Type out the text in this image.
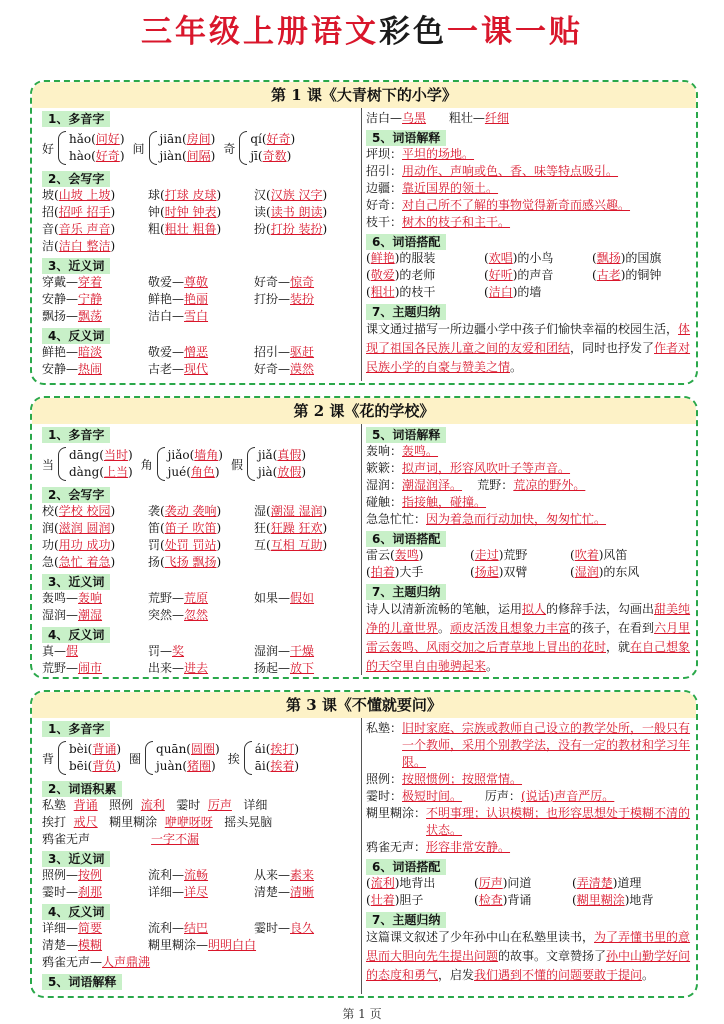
三年级上册语文彩色一课一贴
第 1 课《大青树下的小学》
1、多音字
好
hǎo(问好)
hào(好奇)
间
jiān(房间)
jiàn(间隔)
奇
qí(好奇)
jī(奇数)
2、会写字
坡(山坡 上坡)	球(打球 皮球)	汉(汉族 汉字)
招(招呼 招手)	钟(时钟 钟表)	读(读书 朗读)
音(音乐 声音)	粗(粗壮 粗鲁)	扮(打扮 装扮)
洁(洁白 整洁)
3、近义词
穿戴—穿着	敬爱—尊敬	好奇—惊奇
安静—宁静	鲜艳—艳丽	打扮—装扮
飘扬—飘荡	洁白—雪白
4、反义词
鲜艳—暗淡	敬爱—憎恶	招引—驱赶
安静—热闹	古老—现代	好奇—漠然
洁白—乌黑 粗壮—纤细
5、词语解释
坪坝：平坦的场地。
招引：用动作、声响或色、香、味等特点吸引。
边疆：靠近国界的领土。
好奇：对自己所不了解的事物觉得新奇而感兴趣。
枝干：树木的枝子和主干。
6、词语搭配
(鲜艳)的服装	(欢唱)的小鸟	(飘扬)的国旗
(敬爱)的老师	(好听)的声音	(古老)的铜钟
(粗壮)的枝干	(洁白)的墙
7、主题归纳
课文通过描写一所边疆小学中孩子们愉快幸福的校园生活，体现了祖国各民族儿童之间的友爱和团结，同时也抒发了作者对民族小学的自豪与赞美之情。
第 2 课《花的学校》
1、多音字
当
dāng(当时)
dàng(上当)
角
jiǎo(墙角)
jué(角色)
假
jiǎ(真假)
jià(放假)
2、会写字
校(学校 校园)	袭(袭动 袭响)	湿(潮湿 湿润)
润(滋润 圆润)	笛(笛子 吹笛)	狂(狂躁 狂欢)
功(用功 成功)	罚(处罚 罚站)	互(互相 互助)
急(急忙 着急)	扬(飞扬 飘扬)
3、近义词
轰鸣—轰响	荒野—荒原	如果—假如
湿润—潮湿	突然—忽然
4、反义词
真—假	罚—奖	湿润—干燥
荒野—闹市	出来—进去	扬起—放下
5、词语解释
轰响：轰鸣。
簌簌：拟声词，形容风吹叶子等声音。
湿润：潮湿润泽。 荒野：荒凉的野外。
碰触：指接触，碰撞。
急急忙忙：因为着急而行动加快，匆匆忙忙。
6、词语搭配
雷云(轰鸣)	(走过)荒野	(吹着)风笛
(拍着)大手	(扬起)双臂	(湿润)的东风
7、主题归纳
诗人以清新流畅的笔触，运用拟人的修辞手法，勾画出甜美纯净的儿童世界。顽皮活泼且想象力丰富的孩子，在看到六月里雷云轰鸣、风雨交加之后青草地上冒出的花时，就在自己想象的天空里自由驰骋起来。
第 3 课《不懂就要问》
1、多音字
背
bèi(背诵)
bēi(背负)
圈
quān(圆圈)
juàn(猪圈)
挨
ái(挨打)
āi(挨着)
2、词语积累
私塾 背诵 照例 流利 霎时 厉声 详细
挨打 戒尺 糊里糊涂 咿咿呀呀 摇头晃脑
鸦雀无声	一字不漏
3、近义词
照例—按例	流利—流畅	从来—素来
霎时—刹那	详细—详尽	清楚—清晰
4、反义词
详细—简要	流利—结巴	霎时—良久
清楚—模糊	糊里糊涂—明明白白
鸦雀无声—人声鼎沸
5、词语解释
私塾： 旧时家庭、宗族或教师自己设立的教学处所，一般只有一个教师，采用个别教学法，没有一定的教材和学习年限。
照例：按照惯例；按照常情。
霎时：极短时间。 厉声：(说话)声音严厉。
糊里糊涂： 不明事理；认识模糊；也形容思想处于模糊不清的状态。
鸦雀无声：形容非常安静。
6、词语搭配
(流利)地背出	(厉声)问道	(弄清楚)道理
(壮着)胆子	(检查)背诵	(糊里糊涂)地背
7、主题归纳
这篇课文叙述了少年孙中山在私塾里读书，为了弄懂书里的意思而大胆向先生提出问题的故事。文章赞扬了孙中山勤学好问的态度和勇气，启发我们遇到不懂的问题要敢于提问。
第 1 页
